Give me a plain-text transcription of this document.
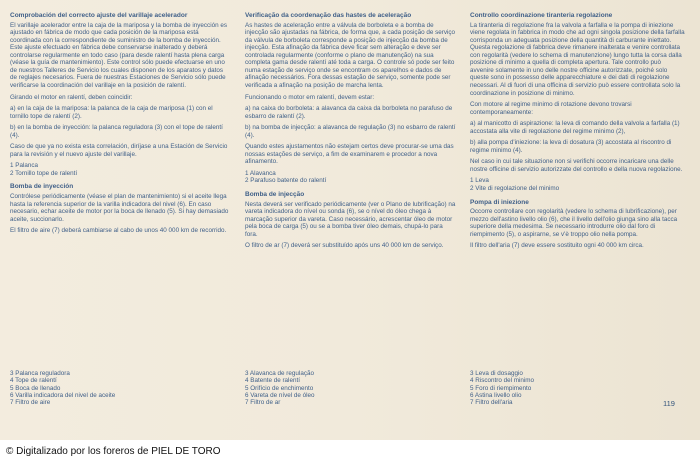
Comprobación del correcto ajuste del varillaje acelerador
El varillaje acelerador entre la caja de la mariposa y la bomba de inyección es ajustado en fábrica de modo que cada posición de la mariposa está coordinada con la correspondiente de suministro de la bomba de inyección. Este ajuste efectuado en fábrica debe conservarse inalterado y deberá controlarse regularmente en todo caso (para desde ralentí hasta plena carga (véase la guía de mantenimiento). Este control sólo puede efectuarse en uno de nuestros Talleres de Servicio los cuales disponen de los aparatos y datos de reglajes necesarios. Fuera de nuestras Estaciones de Servicio sólo puede verificarse la coordinación del varillaje en la posición de ralentí.
Girando el motor en ralentí, deben coincidir:
a) en la caja de la mariposa: la palanca de la caja de mariposa (1) con el tornillo tope de ralentí (2).
b) en la bomba de inyección: la palanca reguladora (3) con el tope de ralentí (4).
Caso de que ya no exista esta correlación, diríjase a una Estación de Servicio para la revisión y el nuevo ajuste del varillaje.
1 Palanca
2 Tornillo tope de ralentí
Bomba de inyección
Contrólese periódicamente (véase el plan de mantenimiento) si el aceite llega hasta la referencia superior de la varilla indicadora del nivel (6). En caso necesario, echar aceite de motor por la boca de llenado (5). Si hay demasiado aceite, succionarlo.
El filtro de aire (7) deberá cambiarse al cabo de unos 40 000 km de recorrido.
Verificação da coordenação das hastes de aceleração
As hastes de aceleração entre a válvula de borboleta e a bomba de injecção são ajustadas na fábrica, de forma que, a cada posição de serviço da válvula de borboleta corresponde a posição de injecção da bomba de injecção. Esta afinação da fábrica deve ficar sem alteração e deve ser controlada regularmente (conforme o plano de manutenção) na sua completa gama desde ralentí até toda a carga. O controle só pode ser feito numa estação de serviço onde se encontram os aparelhos e dados de afinação necessários. Fora dessas estação de serviço, somente pode ser verificada a afinação na posição de marcha lenta.
Funcionando o motor em ralentí, devem estar:
a) na caixa do borboleta: a alavanca da caixa da borboleta no parafuso de esbarro de ralentí (2).
b) na bomba de injecção: a alavanca de regulação (3) no esbarro de ralentí (4).
Quando estes ajustamentos não estejam certos deve procurar-se uma das nossas estações de serviço, a fim de examinarem e procedor a nova afinamento.
1 Alavanca
2 Parafuso batente do ralentí
Bomba de injecção
Nesta deverá ser verificado periódicamente (ver o Plano de lubrificação) na vareta indicadora do nível ou sonda (6), se o nível do óleo chega à marcação superior da vareta. Caso necessário, acrescentar óleo de motor pela boca de carga (5) ou se a bomba tiver óleo demais, chupá-lo para fora.
O filtro de ar (7) deverá ser substituído após uns 40 000 km de serviço.
Controllo coordinazione tiranteria regolazione
La tiranteria di regolazione fra la valvola a farfalla e la pompa di iniezione viene regolata in fabbrica in modo che ad ogni singola posizione della farfalla corrisponda un adeguata posizione della quantità di carburante iniettato. Questa regolazione di fabbrica deve rimanere inalterata e venire controllata con regolarità (vedere lo schema di manutenzione) lungo tutta la corsa dalla posizione di minimo a quella di completa apertura. Tale controllo può avvenire solamente in uno delle nostre officine autorizzate, poiché solo queste sono in possesso delle apparecchiature e dei dati di regolazione necessari. Al di fuori di una officina di servizio può essere controllata solo la coordinazione in posizione di minimo.
Con motore al regime minimo di rotazione devono trovarsi contemporaneamente:
a) al manicotto di aspirazione: la leva di comando della valvola a farfalla (1) accostata alla vite di regolazione del regime minimo (2),
b) alla pompa d'iniezione: la leva di dosatura (3) accostata al riscontro di regime minimo (4).
Nel caso in cui tale situazione non si verifichi occorre incaricare una delle nostre officine di servizio autorizzate del controllo e della nuova regolazione.
1 Leva
2 Vite di regolazione del minimo
Pompa di iniezione
Occorre controllare con regolarità (vedere lo schema di lubrificazione), per mezzo dell'astino livello olio (6), che il livello dell'olio giunga sino alla tacca superiore della medesima. Se necessario introdurre olio dal foro di riempimento (5), o aspirarne, se v'è troppo olio nella pompa.
Il filtro dell'aria (7) deve essere sostituito ogni 40 000 km circa.
3 Palanca reguladora
4 Tope de ralentí
5 Boca de llenado
6 Varilla indicadora del nivel de aceite
7 Filtro de aire
3 Alavanca de regulação
4 Batente de ralentí
5 Orifício de enchimento
6 Vareta de nível de óleo
7 Filtro de ar
3 Leva di dosaggio
4 Riscontro del minimo
5 Foro di riempimento
6 Astina livello olio
7 Filtro dell'aria	119
© Digitalizado por los foreros de PIEL DE TORO
